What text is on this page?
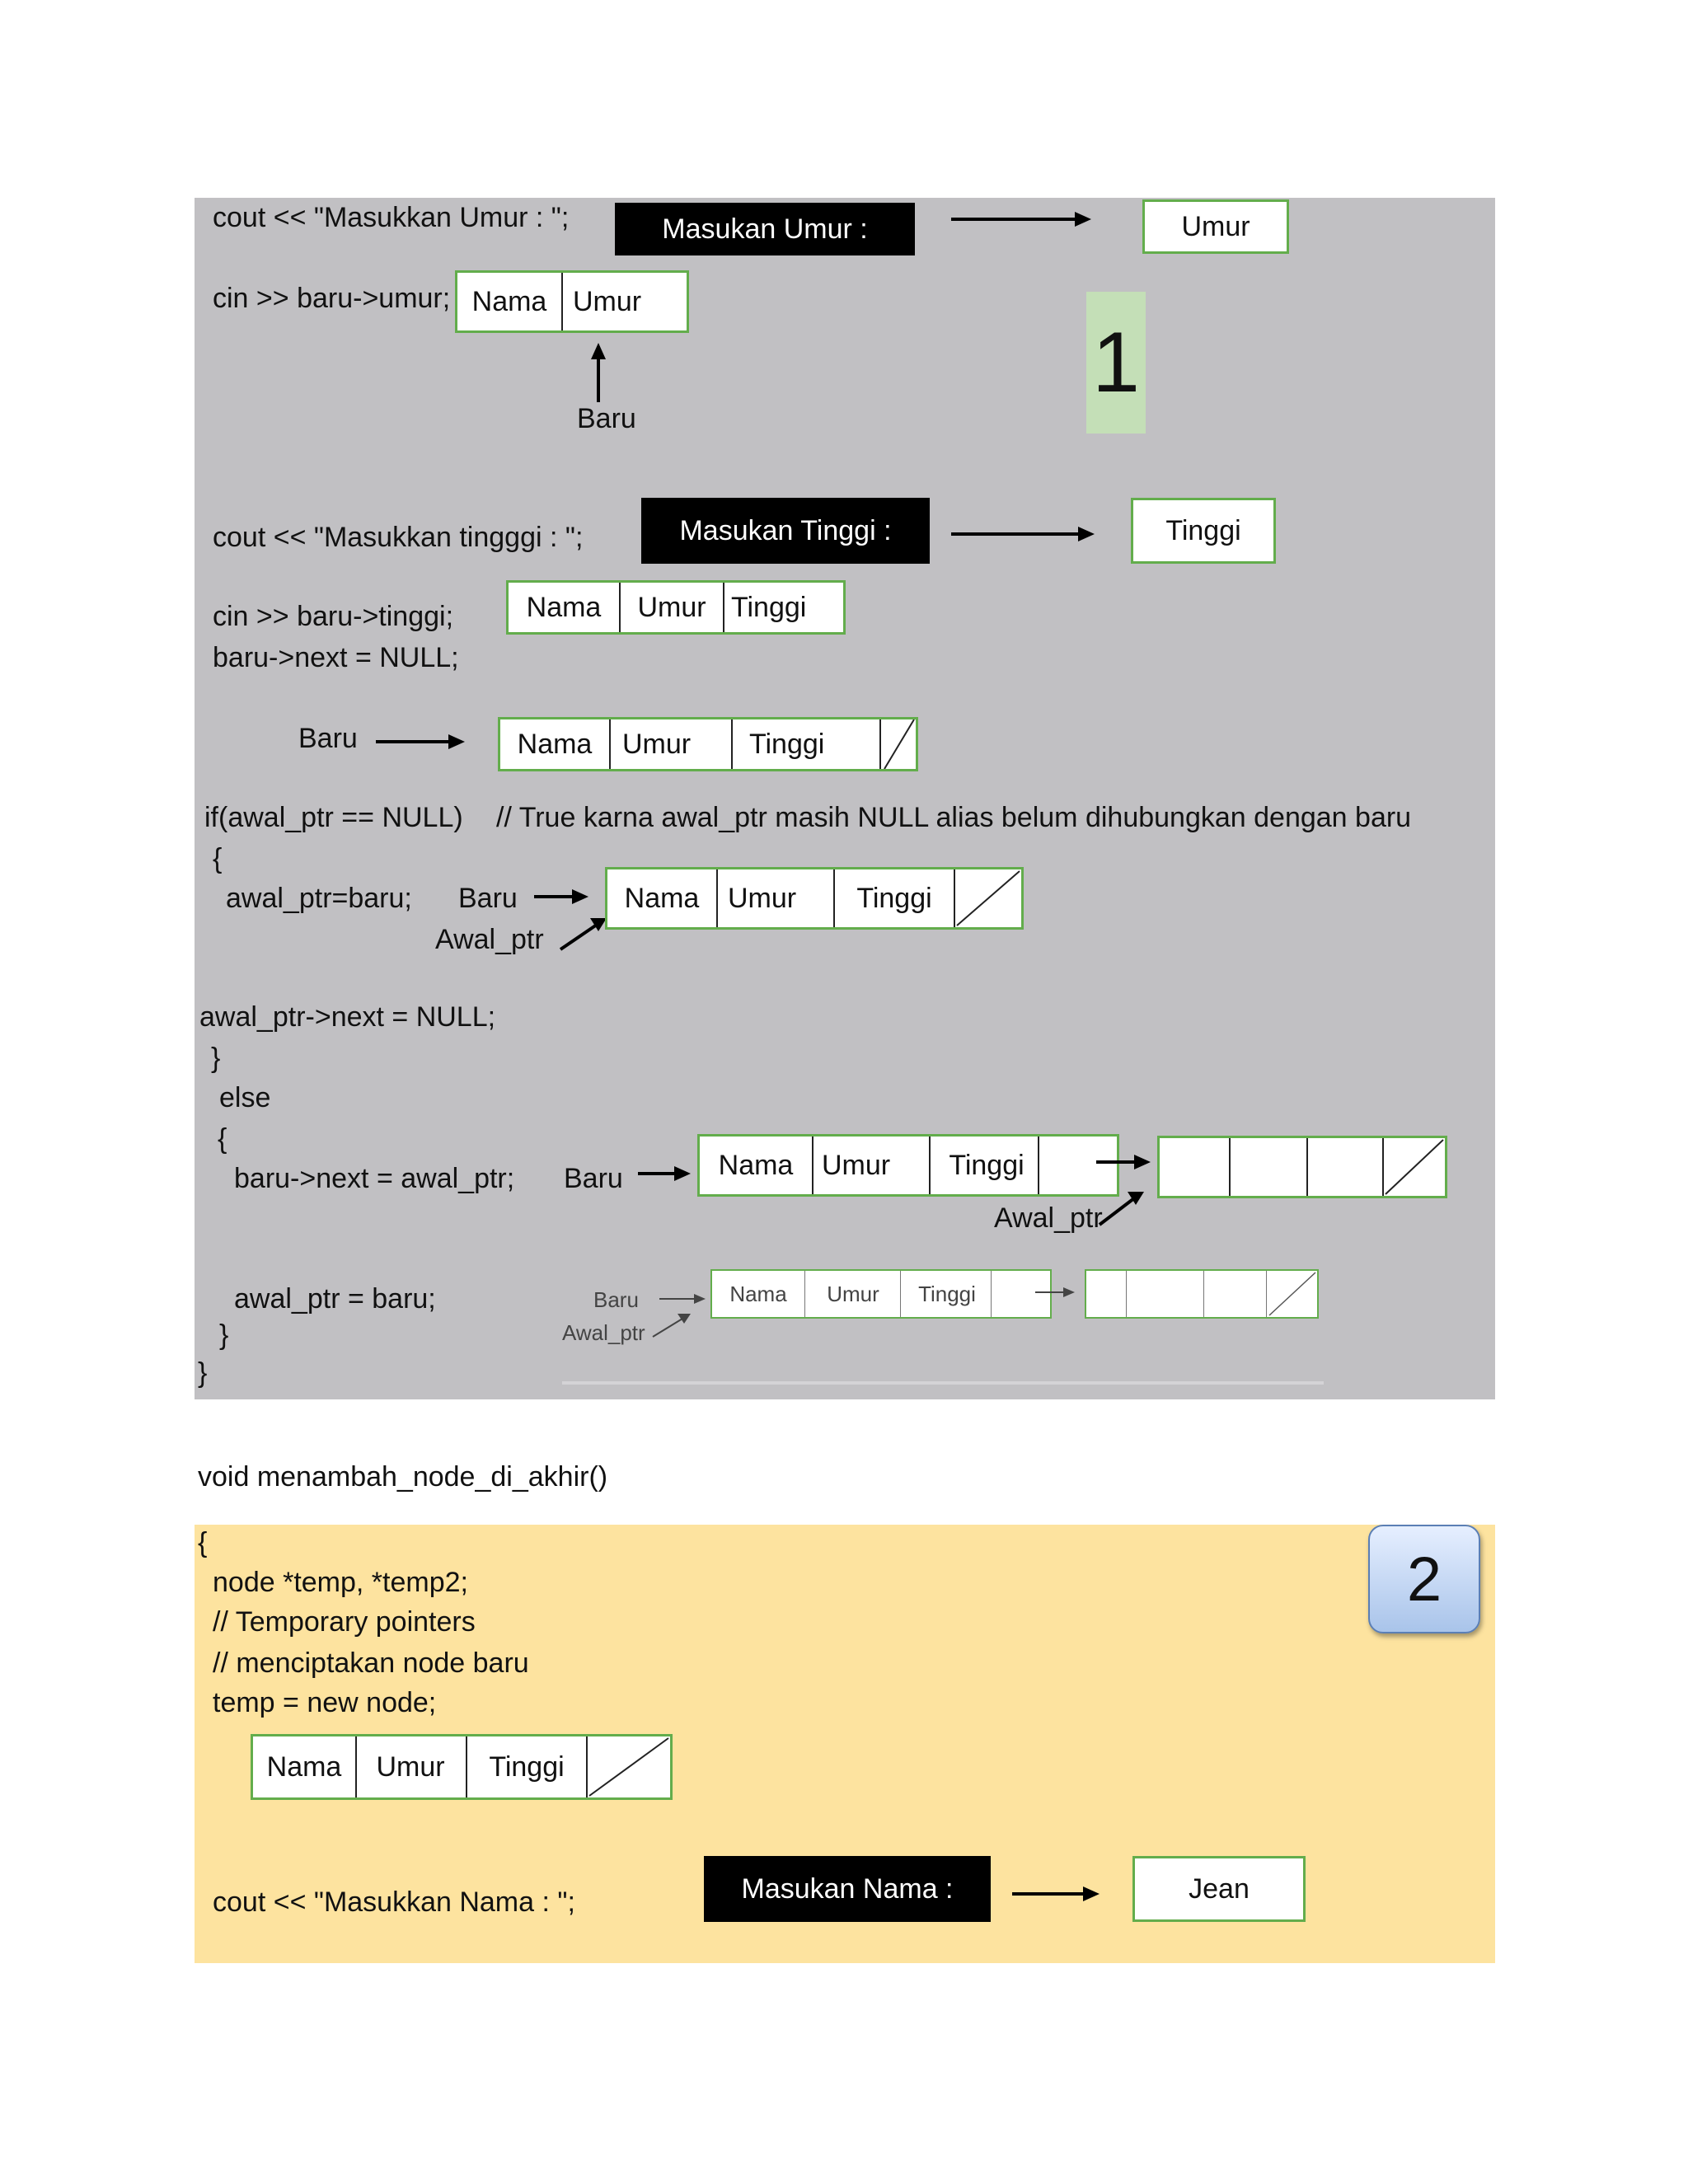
cout << "Masukkan Umur : ";	Masukan Umur :	Umur
cin >> baru->umur; Nama Umur
Baru
1
cout << "Masukkan tingggi : ";	Masukan Tinggi :	Tinggi
cin >> baru->tinggi;
baru->next = NULL;
Nama	Umur Tinggi
Baru	Nama	Umur	Tinggi
if(awal_ptr == NULL) // True karna awal_ptr masih NULL alias belum dihubungkan dengan baru
{
awal_ptr=baru; Baru
Awal_ptr
Nama	Umur	Tinggi
awal_ptr->next = NULL;
}
else
{
baru->next = awal_ptr; Baru	Nama	Umur	Tinggi
Awal_ptr
awal_ptr = baru;	Baru
Awal_ptr
Nama	Umur	Tinggi
}
}
void menambah_node_di_akhir()
2
{
node *temp, *temp2;
// Temporary pointers
// menciptakan node baru
temp = new node;
Nama	Umur	Tinggi
cout << "Masukkan Nama : ";	Masukan Nama :	Jean
